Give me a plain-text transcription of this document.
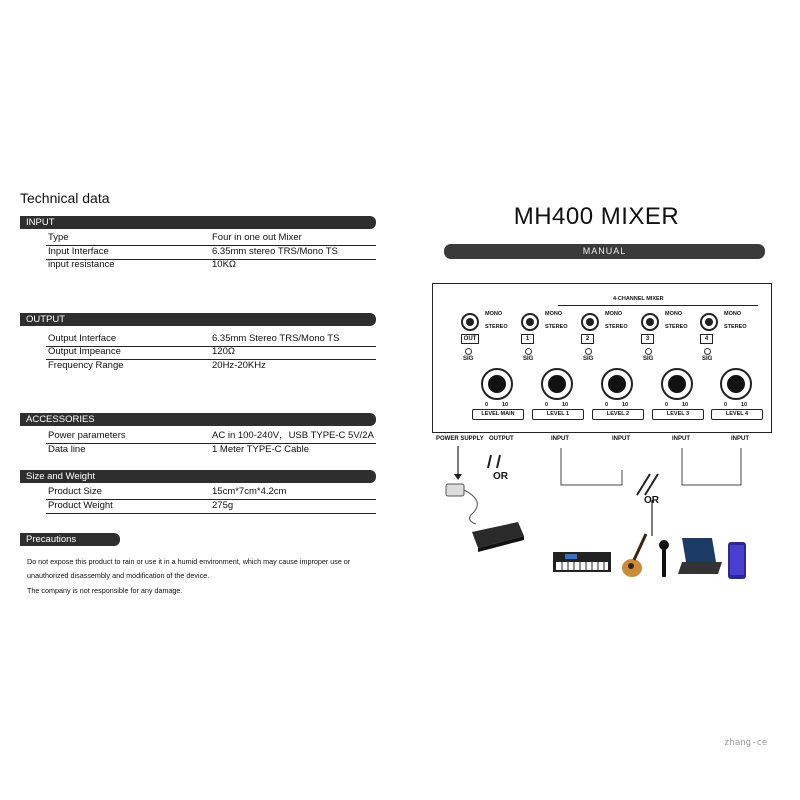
Technical data
INPUT
Type	Four in one out Mixer
Input Interface	6.35mm stereo TRS/Mono TS
input resistance	10KΩ
OUTPUT
Output Interface	6.35mm Stereo TRS/Mono TS
Output Impeance	120Ω
Frequency Range	20Hz-20KHz
ACCESSORIES
Power parameters	AC in 100-240V，USB TYPE-C 5V/2A
Data line	1 Meter TYPE-C Cable
Size and Weight
Product Size	15cm*7cm*4.2cm
Product Weight	275g
Precautions
Do not expose this product to rain or use it in a humid environment, which may cause improper use or
unauthorized disassembly and modification of the device.
The company is not responsible for any damage.
MH400 MIXER
MANUAL
4-CHANNEL MIXER
MONO
STEREO
OUT
SIG
0	10
LEVEL MAIN
MONO
STEREO
1
SIG
0	10
LEVEL 1
MONO
STEREO
2
SIG
0	10
LEVEL 2
MONO
STEREO
3
SIG
0	10
LEVEL 3
MONO
STEREO
4
SIG
0	10
LEVEL 4
POWER SUPPLY OUTPUT	INPUT	INPUT	INPUT	INPUT
OR
OR
zhang-ce
